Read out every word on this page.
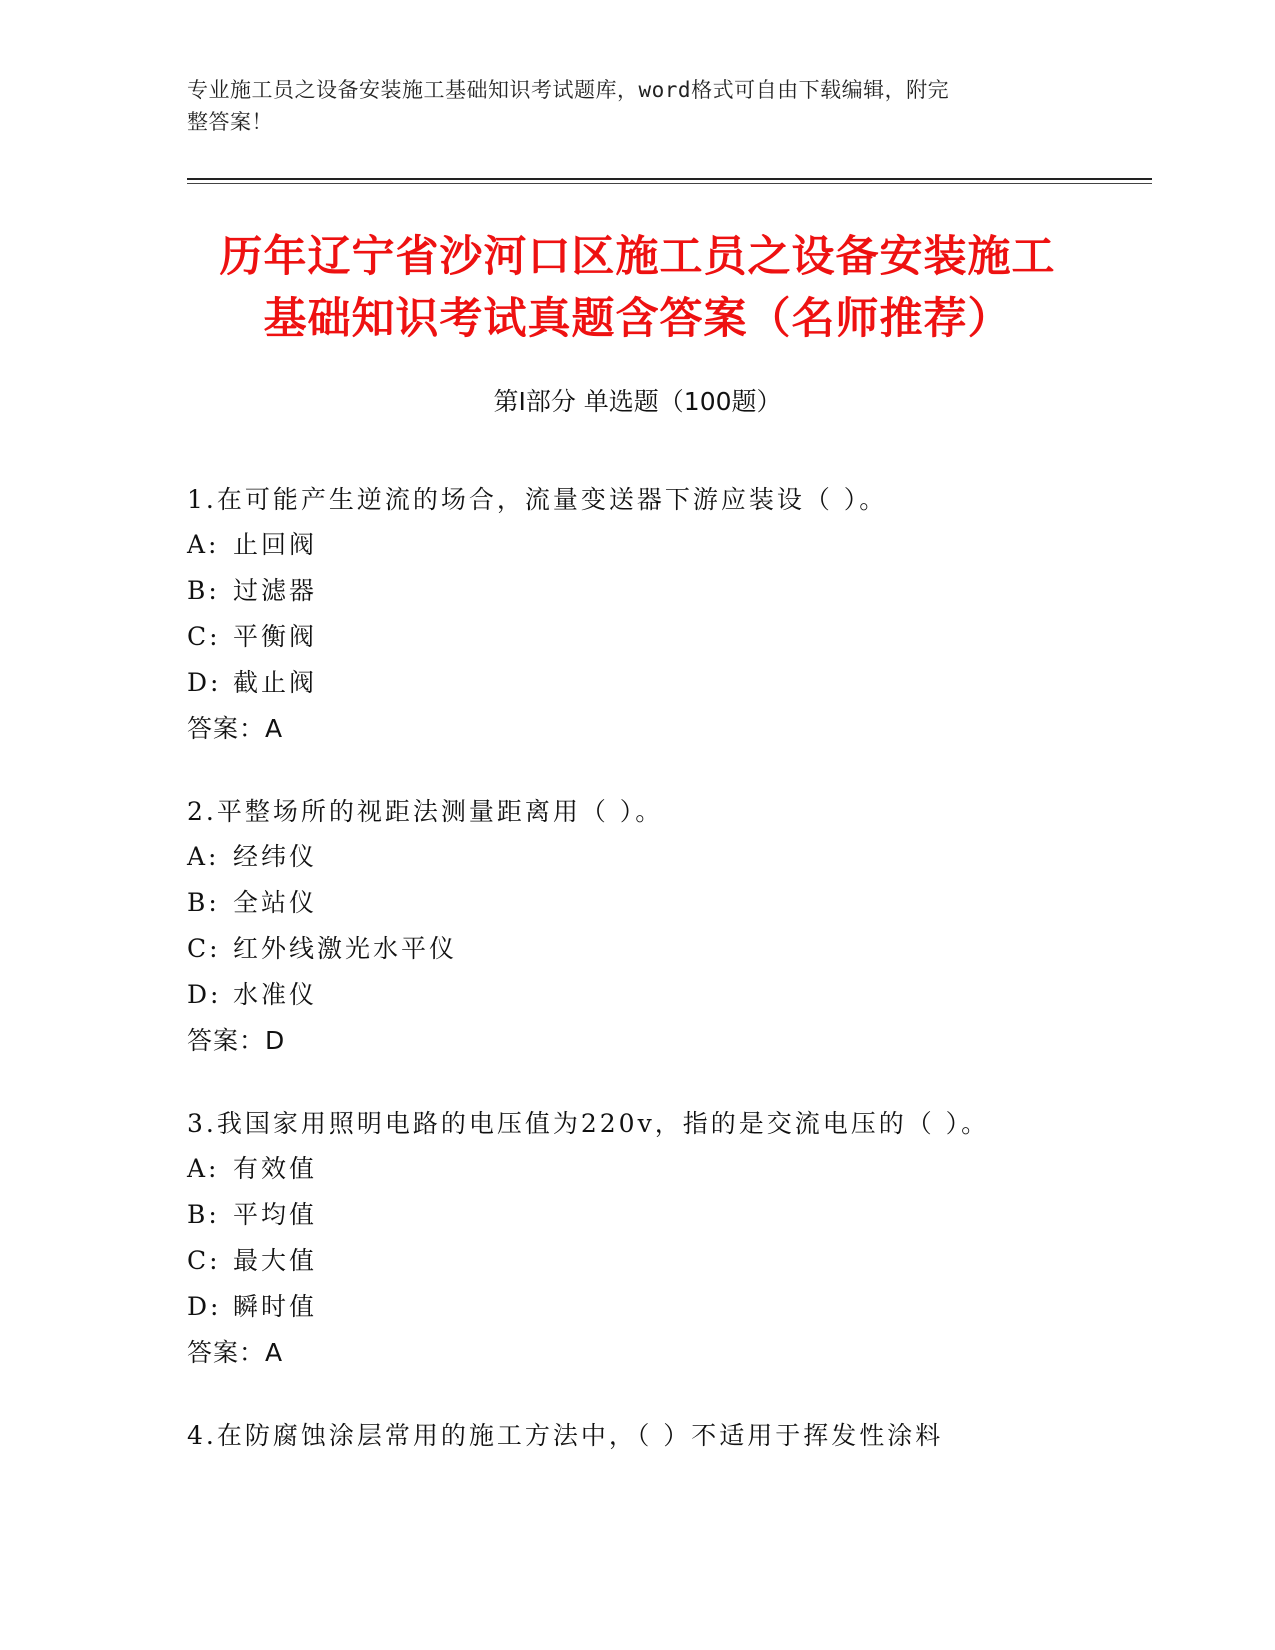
专业施工员之设备安装施工基础知识考试题库，word格式可自由下载编辑，附完
整答案！
历年辽宁省沙河口区施工员之设备安装施工
基础知识考试真题含答案（名师推荐）
第Ⅰ部分 单选题（100题）
1.在可能产生逆流的场合，流量变送器下游应装设（ ）。
A: 止回阀
B: 过滤器
C: 平衡阀
D: 截止阀
答案：A
2.平整场所的视距法测量距离用（ ）。
A: 经纬仪
B: 全站仪
C: 红外线激光水平仪
D: 水准仪
答案：D
3.我国家用照明电路的电压值为220v，指的是交流电压的（ ）。
A: 有效值
B: 平均值
C: 最大值
D: 瞬时值
答案：A
4.在防腐蚀涂层常用的施工方法中，（ ）不适用于挥发性涂料
